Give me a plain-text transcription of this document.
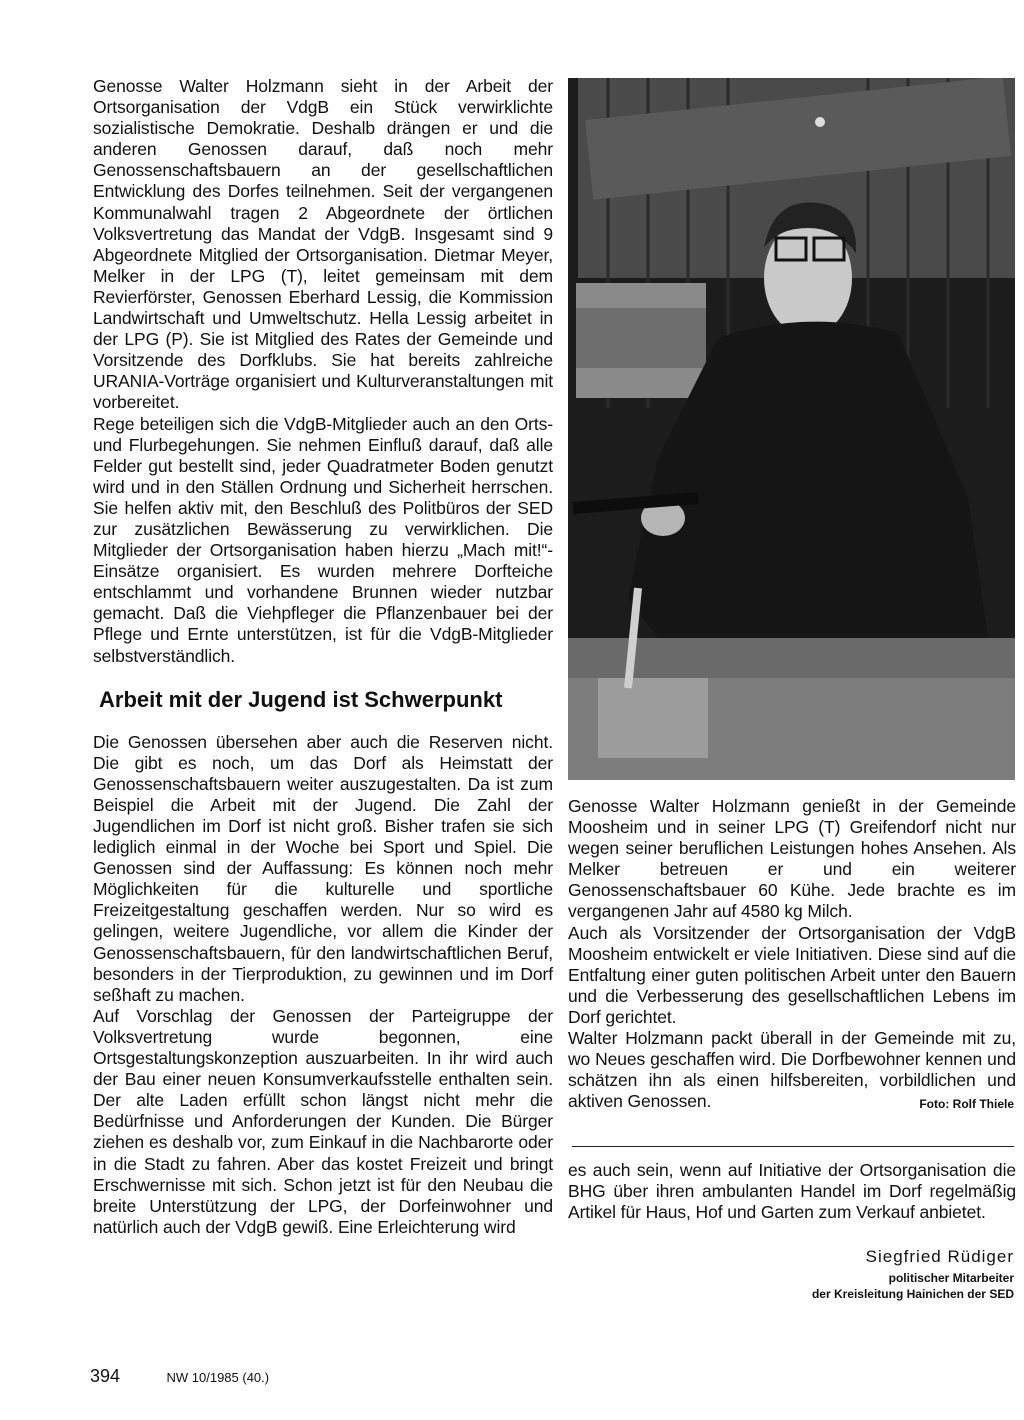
Genosse Walter Holzmann sieht in der Arbeit der Ortsorganisation der VdgB ein Stück verwirklichte sozialistische Demokratie. Deshalb drängen er und die anderen Genossen darauf, daß noch mehr Genossenschaftsbauern an der gesellschaftlichen Entwicklung des Dorfes teilnehmen. Seit der vergangenen Kommunalwahl tragen 2 Abgeordnete der örtlichen Volksvertretung das Mandat der VdgB. Insgesamt sind 9 Abgeordnete Mitglied der Ortsorganisation. Dietmar Meyer, Melker in der LPG (T), leitet gemeinsam mit dem Revierförster, Genossen Eberhard Lessig, die Kommission Landwirtschaft und Umweltschutz. Hella Lessig arbeitet in der LPG (P). Sie ist Mitglied des Rates der Gemeinde und Vorsitzende des Dorfklubs. Sie hat bereits zahlreiche URANIA-Vorträge organisiert und Kulturveranstaltungen mit vorbereitet.

Rege beteiligen sich die VdgB-Mitglieder auch an den Orts- und Flurbegehungen. Sie nehmen Einfluß darauf, daß alle Felder gut bestellt sind, jeder Quadratmeter Boden genutzt wird und in den Ställen Ordnung und Sicherheit herrschen. Sie helfen aktiv mit, den Beschluß des Politbüros der SED zur zusätzlichen Bewässerung zu verwirklichen. Die Mitglieder der Ortsorganisation haben hierzu „Mach mit!“-Einsätze organisiert. Es wurden mehrere Dorfteiche entschlammt und vorhandene Brunnen wieder nutzbar gemacht. Daß die Viehpfleger die Pflanzenbauer bei der Pflege und Ernte unterstützen, ist für die VdgB-Mitglieder selbstverständlich.

Arbeit mit der Jugend ist Schwerpunkt

Die Genossen übersehen aber auch die Reserven nicht. Die gibt es noch, um das Dorf als Heimstatt der Genossenschaftsbauern weiter auszugestalten. Da ist zum Beispiel die Arbeit mit der Jugend. Die Zahl der Jugendlichen im Dorf ist nicht groß. Bisher trafen sie sich lediglich einmal in der Woche bei Sport und Spiel. Die Genossen sind der Auffassung: Es können noch mehr Möglichkeiten für die kulturelle und sportliche Freizeitgestaltung geschaffen werden. Nur so wird es gelingen, weitere Jugendliche, vor allem die Kinder der Genossenschaftsbauern, für den landwirtschaftlichen Beruf, besonders in der Tierproduktion, zu gewinnen und im Dorf seßhaft zu machen.

Auf Vorschlag der Genossen der Parteigruppe der Volksvertretung wurde begonnen, eine Ortsgestaltungskonzeption auszuarbeiten. In ihr wird auch der Bau einer neuen Konsumverkaufsstelle enthalten sein. Der alte Laden erfüllt schon längst nicht mehr die Bedürfnisse und Anforderungen der Kunden. Die Bürger ziehen es deshalb vor, zum Einkauf in die Nachbarorte oder in die Stadt zu fahren. Aber das kostet Freizeit und bringt Erschwernisse mit sich. Schon jetzt ist für den Neubau die breite Unterstützung der LPG, der Dorfeinwohner und natürlich auch der VdgB gewiß. Eine Erleichterung wird

Genosse Walter Holzmann genießt in der Gemeinde Moosheim und in seiner LPG (T) Greifendorf nicht nur wegen seiner beruflichen Leistungen hohes Ansehen. Als Melker betreuen er und ein weiterer Genossenschaftsbauer 60 Kühe. Jede brachte es im vergangenen Jahr auf 4580 kg Milch.

Auch als Vorsitzender der Ortsorganisation der VdgB Moosheim entwickelt er viele Initiativen. Diese sind auf die Entfaltung einer guten politischen Arbeit unter den Bauern und die Verbesserung des gesellschaftlichen Lebens im Dorf gerichtet.

Walter Holzmann packt überall in der Gemeinde mit zu, wo Neues geschaffen wird. Die Dorfbewohner kennen und schätzen ihn als einen hilfsbereiten, vorbildlichen und aktiven Genossen.	Foto: Rolf Thiele

es auch sein, wenn auf Initiative der Ortsorganisation die BHG über ihren ambulanten Handel im Dorf regelmäßig Artikel für Haus, Hof und Garten zum Verkauf anbietet.

Siegfried Rüdiger
politischer Mitarbeiter
der Kreisleitung Hainichen der SED
394	NW 10/1985 (40.)
